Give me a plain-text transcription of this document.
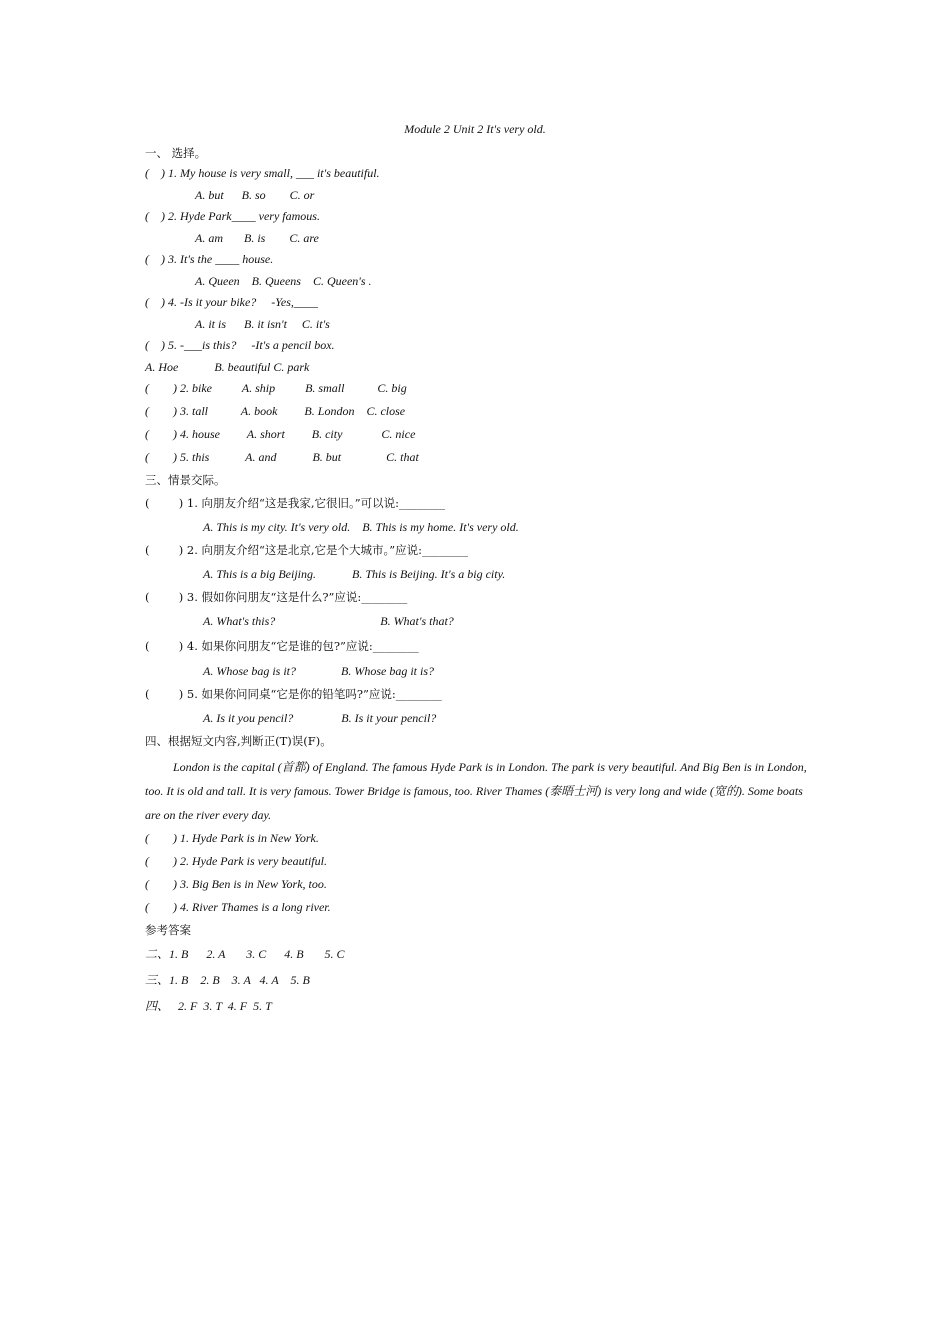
Module 2 Unit 2 It's very old.
一、 选择。
(    ) 1. My house is very small, ___ it's beautiful.
A. but      B. so        C. or
(    ) 2. Hyde Park____ very famous.
A. am       B. is        C. are
(    ) 3. It's the ____ house.
A. Queen    B. Queens    C. Queen's .
(    ) 4. -Is it your bike?     -Yes,____
A. it is      B. it isn't     C. it's
(    ) 5. -___is this?     -It's a pencil box.
A. Hoe            B. beautiful C. park
(        ) 2. bike          A. ship          B. small           C. big
(        ) 3. tall           A. book         B. London    C. close
(        ) 4. house         A. short         B. city             C. nice
(        ) 5. this            A. and            B. but               C. that
三、情景交际。
(        ) 1. 向朋友介绍“这是我家,它很旧。”可以说:________
A. This is my city. It's very old.    B. This is my home. It's very old.
(        ) 2. 向朋友介绍“这是北京,它是个大城市。”应说:________
A. This is a big Beijing.            B. This is Beijing. It's a big city.
(        ) 3. 假如你问朋友“这是什么?”应说:________
A. What's this?                                   B. What's that?
(        ) 4. 如果你问朋友“它是谁的包?”应说:________
A. Whose bag is it?               B. Whose bag it is?
(        ) 5. 如果你问同桌“它是你的铅笔吗?”应说:________
A. Is it you pencil?                B. Is it your pencil?
四、根据短文内容,判断正(T)误(F)。
London is the capital (首都) of England. The famous Hyde Park is in London. The park is very beautiful. And Big Ben is in London, too. It is old and tall. It is very famous. Tower Bridge is famous, too. River Thames (泰晤士河) is very long and wide (宽的). Some boats are on the river every day.
(        ) 1. Hyde Park is in New York.
(        ) 2. Hyde Park is very beautiful.
(        ) 3. Big Ben is in New York, too.
(        ) 4. River Thames is a long river.
参考答案
二、1. B      2. A       3. C      4. B       5. C
三、1. B    2. B    3. A   4. A    5. B
四、   2. F  3. T  4. F  5. T
